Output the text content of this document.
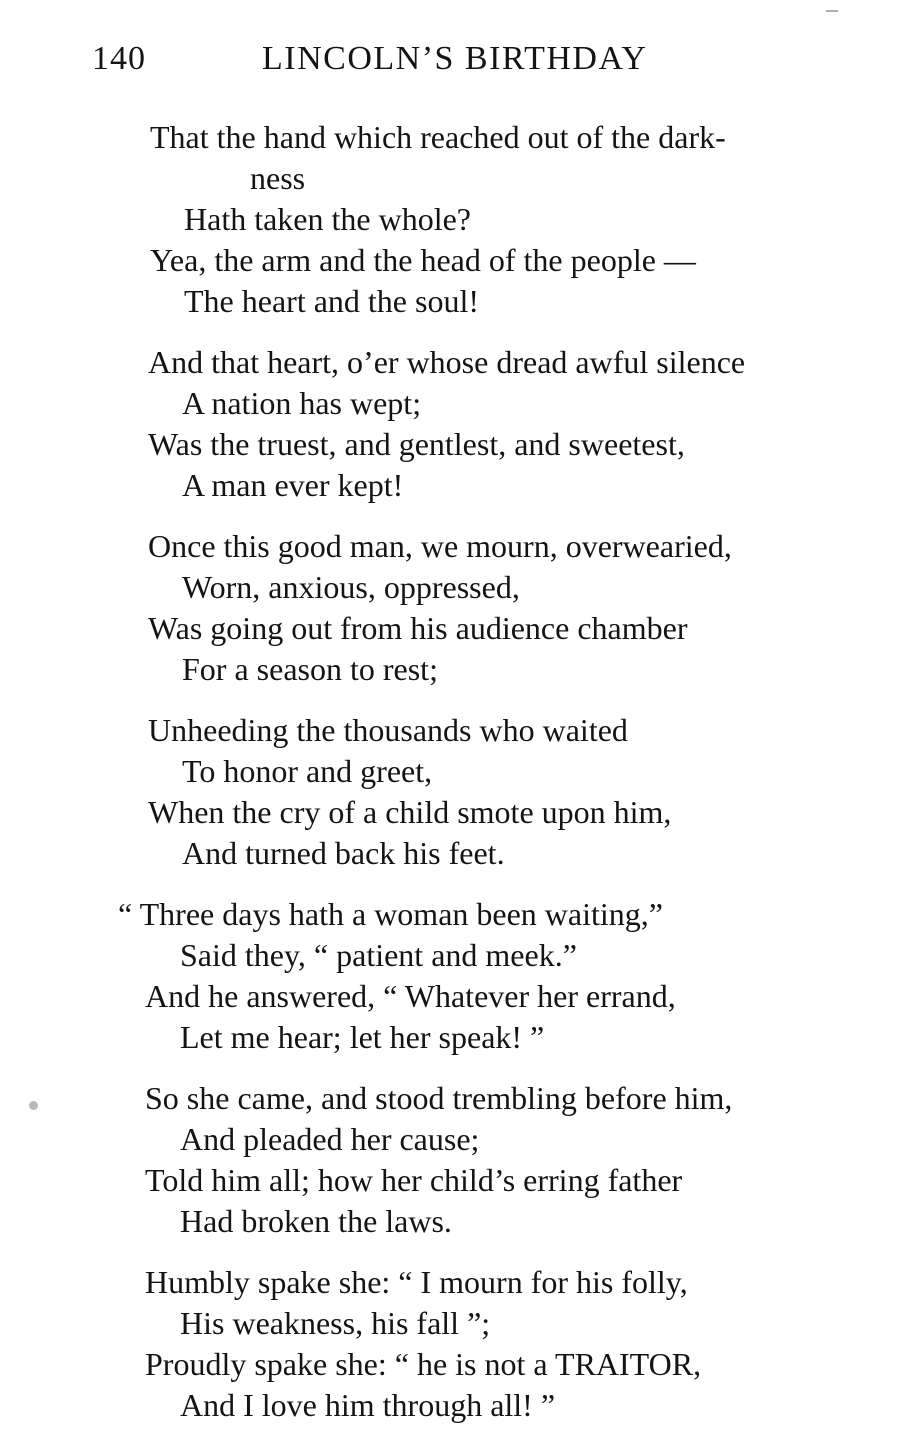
140	LINCOLN’S BIRTHDAY
That the hand which reached out of the dark-
ness
Hath taken the whole?
Yea, the arm and the head of the people —
The heart and the soul!
And that heart, o’er whose dread awful silence
A nation has wept;
Was the truest, and gentlest, and sweetest,
A man ever kept!
Once this good man, we mourn, overwearied,
Worn, anxious, oppressed,
Was going out from his audience chamber
For a season to rest;
Unheeding the thousands who waited
To honor and greet,
When the cry of a child smote upon him,
And turned back his feet.
“ Three days hath a woman been waiting,”
Said they, “ patient and meek.”
And he answered, “ Whatever her errand,
Let me hear; let her speak! ”
So she came, and stood trembling before him,
And pleaded her cause;
Told him all; how her child’s erring father
Had broken the laws.
Humbly spake she: “ I mourn for his folly,
His weakness, his fall ”;
Proudly spake she: “ he is not a TRAITOR,
And I love him through all! ”
